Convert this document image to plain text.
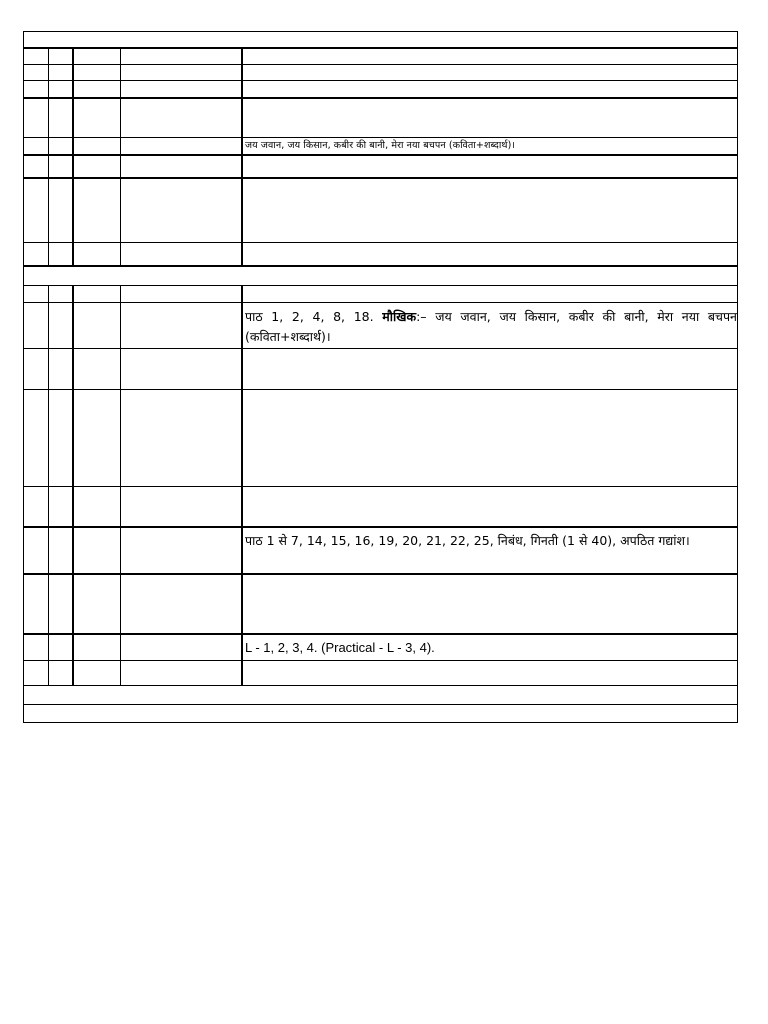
जय जवान, जय किसान, कबीर की बानी, मेरा नया बचपन (कविता+शब्दार्थ)।
पाठ 1, 2, 4, 8, 18. मौखिक:– जय जवान, जय किसान, कबीर की बानी, मेरा नया बचपन (कविता+शब्दार्थ)।
पाठ 1 से 7, 14, 15, 16, 19, 20, 21, 22, 25, निबंध, गिनती (1 से 40), अपठित गद्यांश।
L - 1, 2, 3, 4. (Practical - L - 3, 4).
